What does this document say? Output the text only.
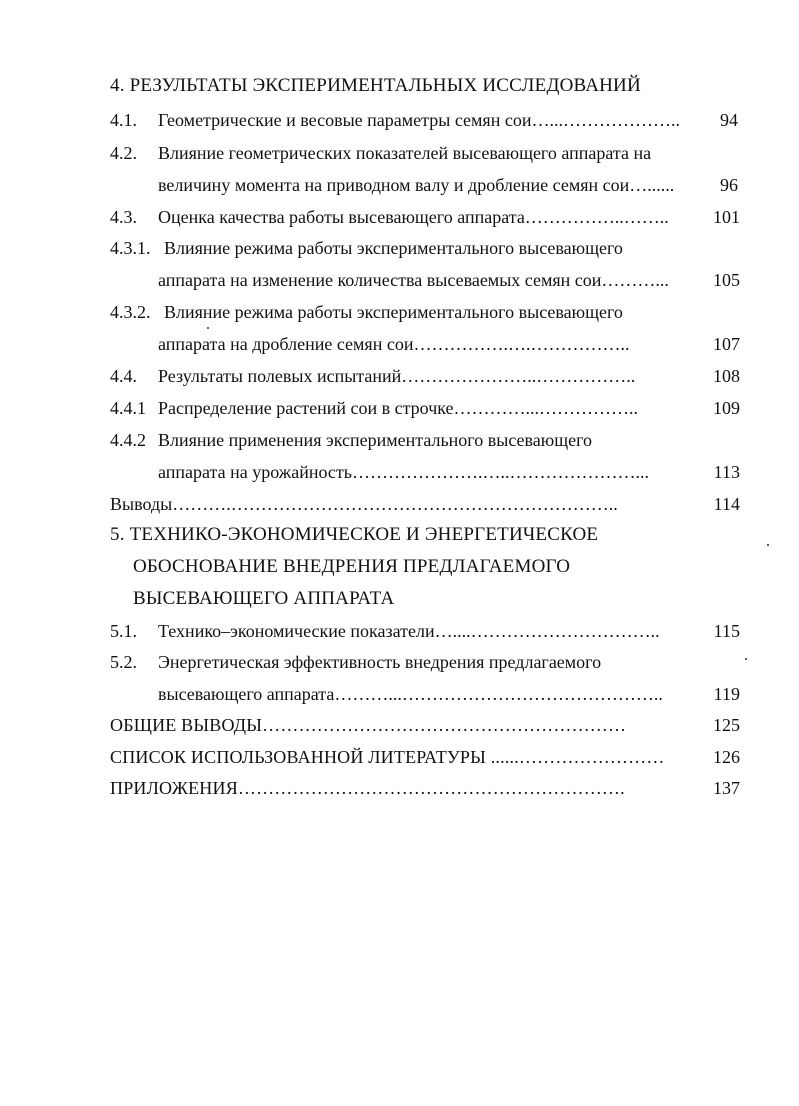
4. РЕЗУЛЬТАТЫ ЭКСПЕРИМЕНТАЛЬНЫХ ИССЛЕДОВАНИЙ
4.1. Геометрические и весовые параметры семян сои…...………………..	94
4.2. Влияние геометрических показателей высевающего аппарата на
величину момента на приводном валу и дробление семян сои…......	96
4.3. Оценка качества работы высевающего аппарата……………..……..	101
4.3.1. Влияние режима работы экспериментального высевающего
аппарата на изменение количества высеваемых семян сои………...	105
4.3.2. Влияние режима работы экспериментального высевающего
аппарата на дробление семян сои…………….….……………..	107
4.4. Результаты полевых испытаний…………………..……………..	108
4.4.1 Распределение растений сои в строчке…………...……………..	109
4.4.2 Влияние применения экспериментального высевающего
аппарата на урожайность………………….…..…………………...	113
Выводы……….………………………………………………………..	114
5. ТЕХНИКО-ЭКОНОМИЧЕСКОЕ И ЭНЕРГЕТИЧЕСКОЕ
ОБОСНОВАНИЕ ВНЕДРЕНИЯ ПРЕДЛАГАЕМОГО
ВЫСЕВАЮЩЕГО АППАРАТА
5.1. Технико–экономические показатели…....…………………………..	115
5.2. Энергетическая эффективность внедрения предлагаемого
высевающего аппарата………...……………………………………..	119
ОБЩИЕ ВЫВОДЫ……………………………………………………	125
СПИСОК ИСПОЛЬЗОВАННОЙ ЛИТЕРАТУРЫ ......……………………	126
ПРИЛОЖЕНИЯ……………………………………………………….	137
